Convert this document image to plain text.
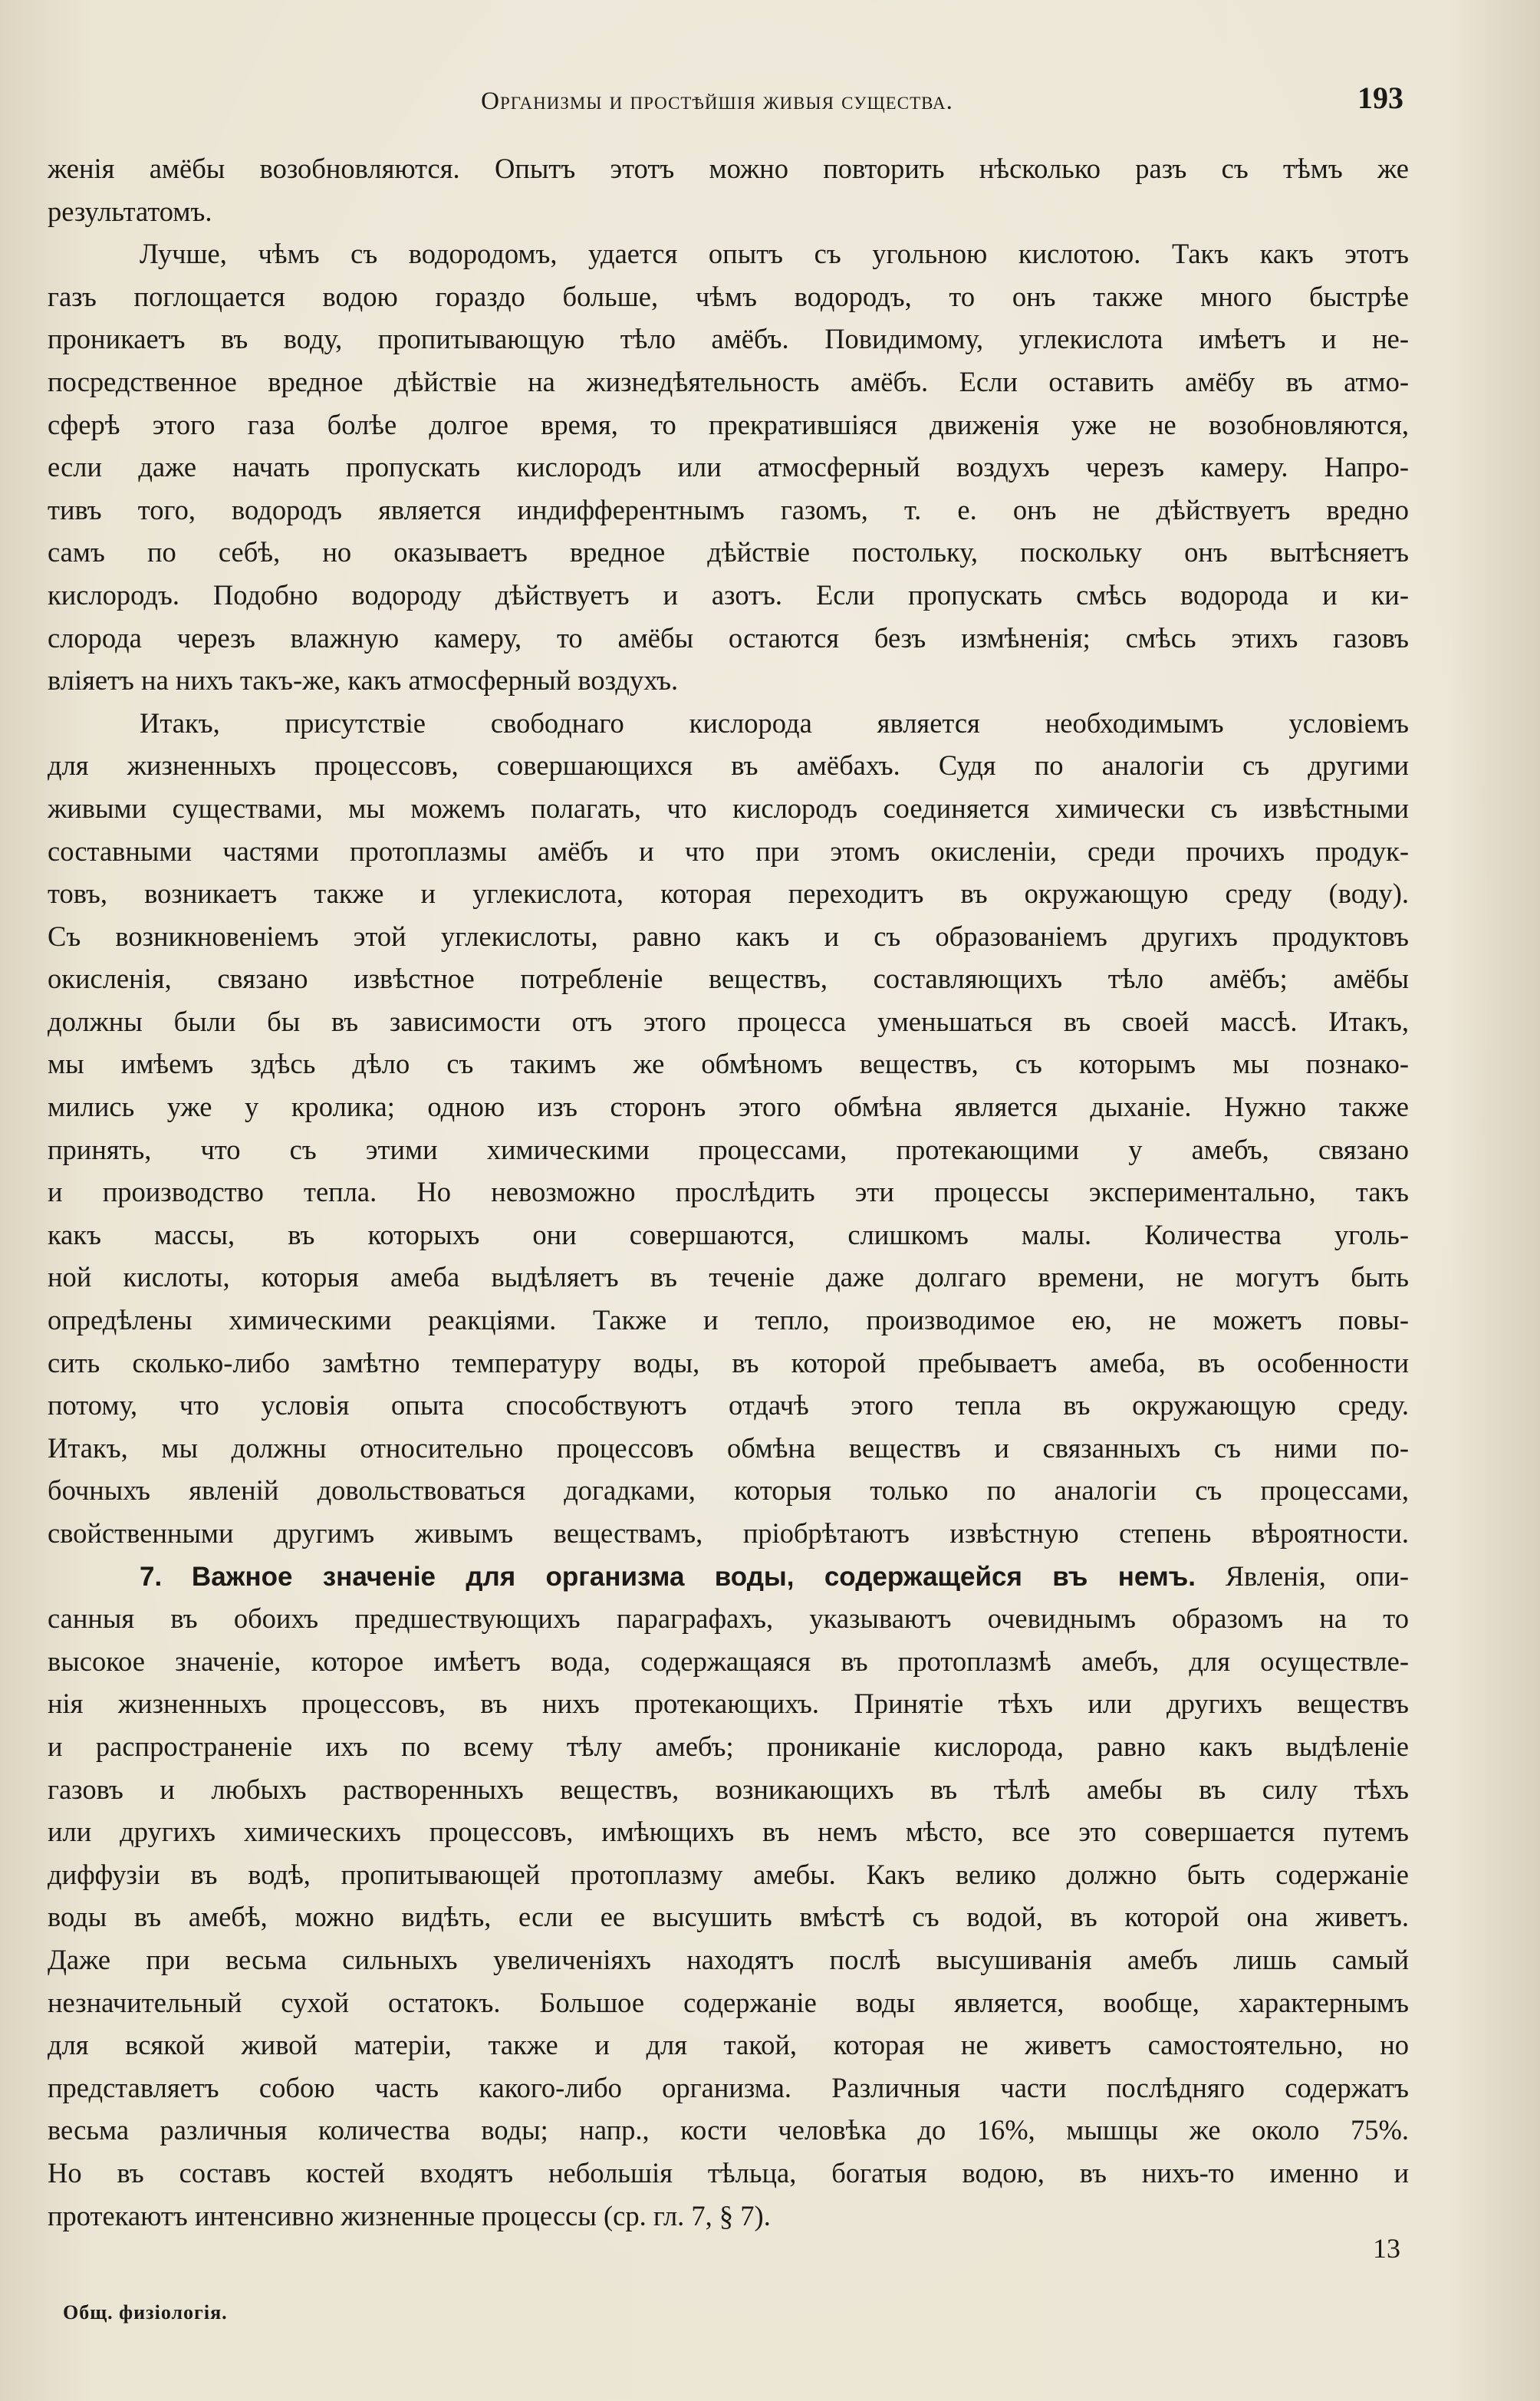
Организмы и простѣйшія живыя существа.	193
женія амёбы возобновляются. Опытъ этотъ можно повторить нѣсколько разъ съ тѣмъ же
результатомъ.
Лучше, чѣмъ съ водородомъ, удается опытъ съ угольною кислотою. Такъ какъ этотъ
газъ поглощается водою гораздо больше, чѣмъ водородъ, то онъ также много быстрѣе
проникаетъ въ воду, пропитывающую тѣло амёбъ. Повидимому, углекислота имѣетъ и не-
посредственное вредное дѣйствіе на жизнедѣятельность амёбъ. Если оставить амёбу въ атмо-
сферѣ этого газа болѣе долгое время, то прекратившіяся движенія уже не возобновляются,
если даже начать пропускать кислородъ или атмосферный воздухъ черезъ камеру. Напро-
тивъ того, водородъ является индифферентнымъ газомъ, т. е. онъ не дѣйствуетъ вредно
самъ по себѣ, но оказываетъ вредное дѣйствіе постольку, поскольку онъ вытѣсняетъ
кислородъ. Подобно водороду дѣйствуетъ и азотъ. Если пропускать смѣсь водорода и ки-
слорода черезъ влажную камеру, то амёбы остаются безъ измѣненія; смѣсь этихъ газовъ
вліяетъ на нихъ такъ-же, какъ атмосферный воздухъ.
Итакъ, присутствіе свободнаго кислорода является необходимымъ условіемъ
для жизненныхъ процессовъ, совершающихся въ амёбахъ. Судя по аналогіи съ другими
живыми существами, мы можемъ полагать, что кислородъ соединяется химически съ извѣстными
составными частями протоплазмы амёбъ и что при этомъ окисленіи, среди прочихъ продук-
товъ, возникаетъ также и углекислота, которая переходитъ въ окружающую среду (воду).
Съ возникновеніемъ этой углекислоты, равно какъ и съ образованіемъ другихъ продуктовъ
окисленія, связано извѣстное потребленіе веществъ, составляющихъ тѣло амёбъ; амёбы
должны были бы въ зависимости отъ этого процесса уменьшаться въ своей массѣ. Итакъ,
мы имѣемъ здѣсь дѣло съ такимъ же обмѣномъ веществъ, съ которымъ мы познако-
мились уже у кролика; одною изъ сторонъ этого обмѣна является дыханіе. Нужно также
принять, что съ этими химическими процессами, протекающими у амебъ, связано
и производство тепла. Но невозможно прослѣдить эти процессы экспериментально, такъ
какъ массы, въ которыхъ они совершаются, слишкомъ малы. Количества уголь-
ной кислоты, которыя амеба выдѣляетъ въ теченіе даже долгаго времени, не могутъ быть
опредѣлены химическими реакціями. Также и тепло, производимое ею, не можетъ повы-
сить сколько-либо замѣтно температуру воды, въ которой пребываетъ амеба, въ особенности
потому, что условія опыта способствуютъ отдачѣ этого тепла въ окружающую среду.
Итакъ, мы должны относительно процессовъ обмѣна веществъ и связанныхъ съ ними по-
бочныхъ явленій довольствоваться догадками, которыя только по аналогіи съ процессами,
свойственными другимъ живымъ веществамъ, пріобрѣтаютъ извѣстную степень вѣроятности.
7. Важное значеніе для организма воды, содержащейся въ немъ. Явленія, опи-
санныя въ обоихъ предшествующихъ параграфахъ, указываютъ очевиднымъ образомъ на то
высокое значеніе, которое имѣетъ вода, содержащаяся въ протоплазмѣ амебъ, для осуществле-
нія жизненныхъ процессовъ, въ нихъ протекающихъ. Принятіе тѣхъ или другихъ веществъ
и распространеніе ихъ по всему тѣлу амебъ; прониканіе кислорода, равно какъ выдѣленіе
газовъ и любыхъ растворенныхъ веществъ, возникающихъ въ тѣлѣ амебы въ силу тѣхъ
или другихъ химическихъ процессовъ, имѣющихъ въ немъ мѣсто, все это совершается путемъ
диффузіи въ водѣ, пропитывающей протоплазму амебы. Какъ велико должно быть содержаніе
воды въ амебѣ, можно видѣть, если ее высушить вмѣстѣ съ водой, въ которой она живетъ.
Даже при весьма сильныхъ увеличеніяхъ находятъ послѣ высушиванія амебъ лишь самый
незначительный сухой остатокъ. Большое содержаніе воды является, вообще, характернымъ
для всякой живой матеріи, также и для такой, которая не живетъ самостоятельно, но
представляетъ собою часть какого-либо организма. Различныя части послѣдняго содержатъ
весьма различныя количества воды; напр., кости человѣка до 16%, мышцы же около 75%.
Но въ составъ костей входятъ небольшія тѣльца, богатыя водою, въ нихъ-то именно и
протекаютъ интенсивно жизненные процессы (ср. гл. 7, § 7).
13
Общ. физіологія.
